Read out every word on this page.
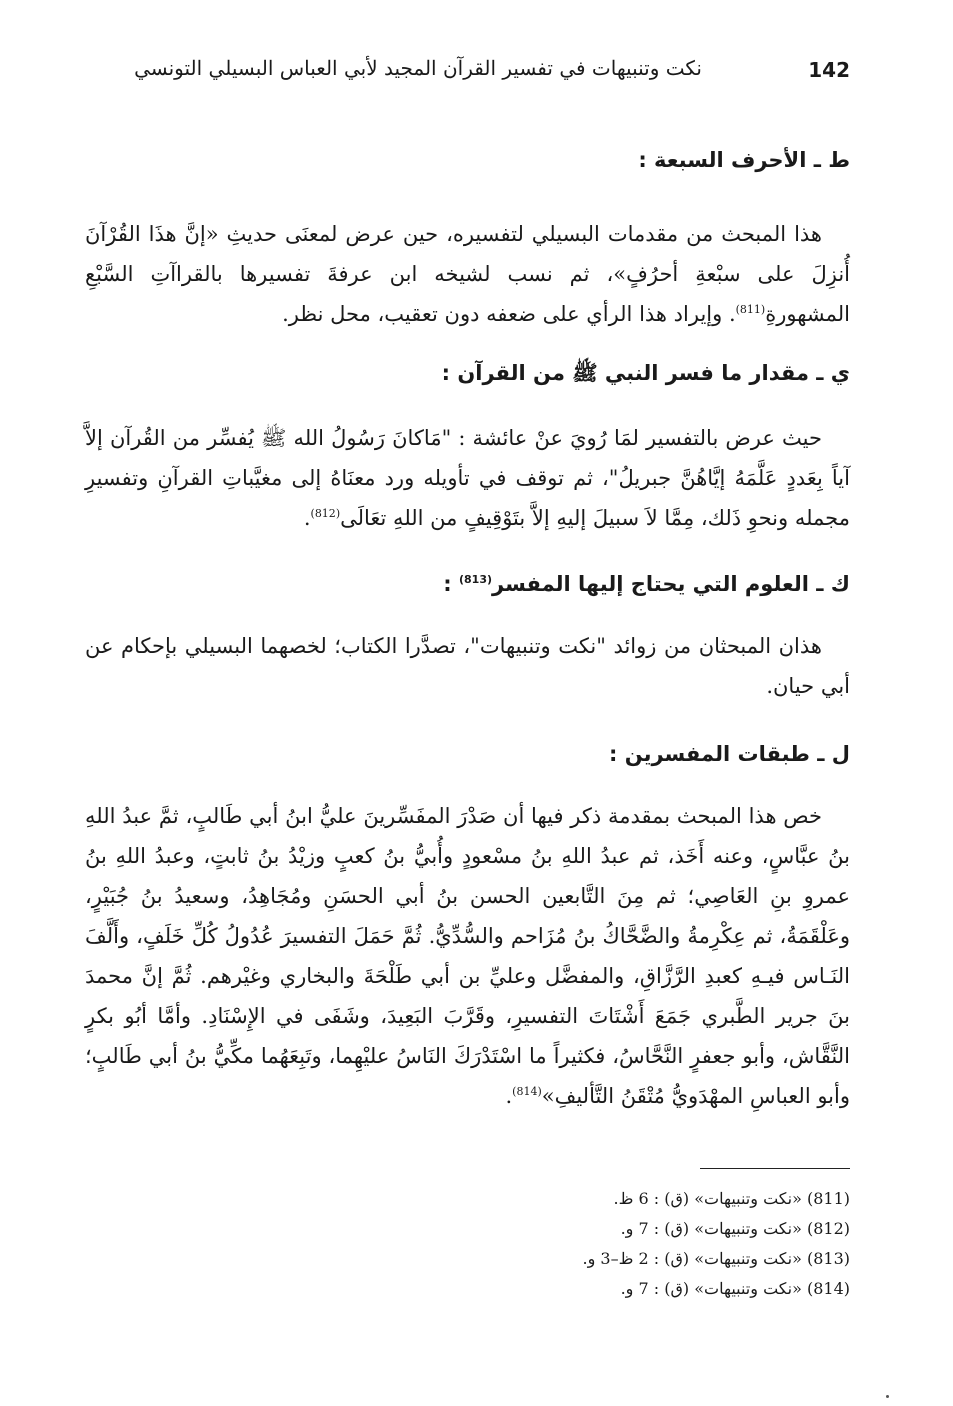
142
نكت وتنبيهات في تفسير القرآن المجيد لأبي العباس البسيلي التونسي
ط ـ الأحرف السبعة :

هذا المبحث من مقدمات البسيلي لتفسيره، حين عرض لمعنَى حديثِ «إنَّ هذَا القُرْآنَ أُنزِلَ على سبْعةِ أحرُفٍ»، ثم نسب لشيخه ابن عرفةَ تفسيرها بالقراآتِ السَّبْعِ المشهورةِ$^{(811)}$. وإيراد هذا الرأي على ضعفه دون تعقيب، محل نظر.

ي ـ مقدار ما فسر النبي ﷺ من القرآن :

حيث عرض بالتفسير لمَا رُويَ عنْ عائشة : "مَاكانَ رَسُولُ الله ﷺ يُفسِّر من القُرآن إلاَّ آياً بِعَددٍ عَلَّمَهُ إيَّاهُنَّ جبريلُ"، ثم توقف في تأويله ورد معنَاهُ إلى مغيَّباتِ القرآنِ وتفسيرِ مجمله ونحوِ ذَلك، مِمَّا لاَ سبيلَ إليهِ إلاَّ بتَوْقِيفٍ من اللهِ تعَالَى$^{(812)}$.

ك ـ العلوم التي يحتاج إليها المفسر$^{(813)}$ :

هذان المبحثان من زوائد "نكت وتنبيهات"، تصدَّرا الكتاب؛ لخصهما البسيلي بإحكام عن أبي حيان.

ل ـ طبقات المفسرين :

خص هذا المبحث بمقدمة ذكر فيها أن صَدْرَ المفَسِّرينَ عليُّ ابنُ أبي طَالبٍ، ثمَّ عبدُ اللهِ بنُ عبَّاسٍ، وعنه أَخَذ، ثم عبدُ اللهِ بنُ مسْعودٍ وأُبيُّ بنُ كعبٍ وزيْدُ بنُ ثابتٍ، وعبدُ اللهِ بنُ عمروِ بنِ العَاصِي؛ ثم مِنَ التَّابعين الحسن بنُ أبي الحسَنِ ومُجَاهِدُ، وسعيدُ بنُ جُبَيْرٍ، وعَلْقَمَةُ، ثم عِكْرِمةُ والضَّحَّاكُ بنُ مُزَاحم والسُّدِّيُّ. ثُمَّ حَمَلَ التفسيرَ عُدُولُ كُلِّ خَلَفٍ، وأَلَّفَ النَـاس فيـهِ كعبدِ الرَّزَّاقِ، والمفضَّل وعليِّ بن أبي طَلْحَةَ والبخاري وغيْرهم. ثُمَّ إنَّ محمدَ بنَ جرير الطَّبري جَمَعَ أَشْتَاتَ التفسيرِ، وقَرَّبَ البَعِيدَ، وشَفَى في الإِسْنَادِ. وأمَّا أبُو بكرٍ النَّقَّاش، وأبو جعفرٍ النَّحَّاسُ، فكثيراً ما اسْتَدْرَكَ النَاسُ عليْهِما، وتَبِعَهُما مكِّيُّ بنُ أبي طَالبٍ؛ وأبو العباسِ المهْدَويُّ مُتْقَنُ التَّأليفِ»$^{(814)}$.

(811) «نكت وتنبيهات» (ق) : 6 ظ.
(812) «نكت وتنبيهات» (ق) : 7 و.
(813) «نكت وتنبيهات» (ق) : 2 ظ–3 و.
(814) «نكت وتنبيهات» (ق) : 7 و.
